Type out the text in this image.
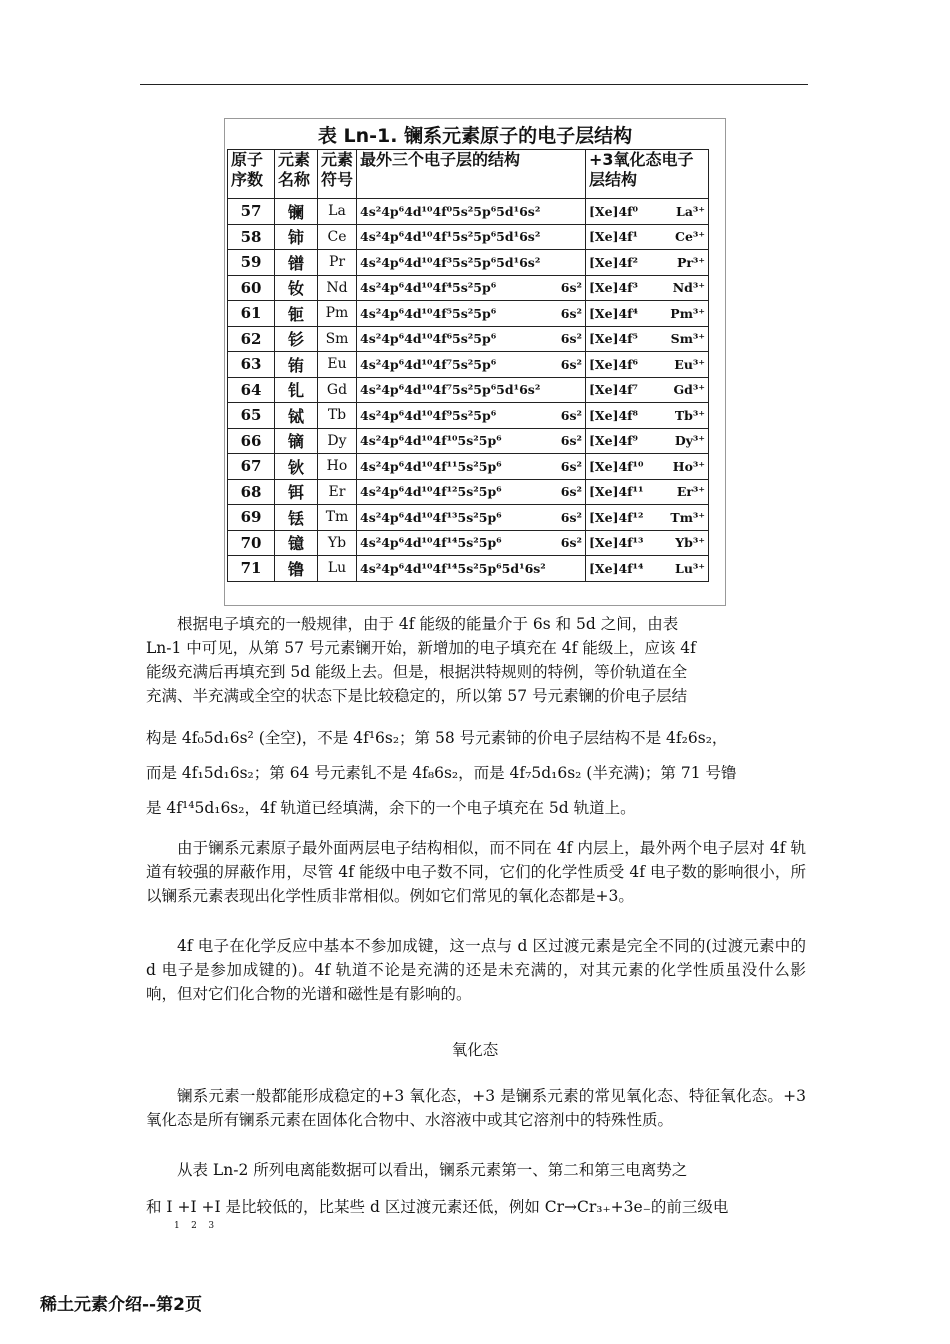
表 Ln-1. 镧系元素原子的电子层结构
原子序数	元素名称	元素符号	最外三个电子层的结构	+3氧化态电子层结构
57	镧	La	4s²4p⁶4d¹⁰4f⁰5s²5p⁶5d¹6s²	[Xe]4f⁰ La³⁺

58	铈	Ce	4s²4p⁶4d¹⁰4f¹5s²5p⁶5d¹6s²	[Xe]4f¹ Ce³⁺

59	镨	Pr	4s²4p⁶4d¹⁰4f³5s²5p⁶5d¹6s²	[Xe]4f² Pr³⁺

60	钕	Nd	4s²4p⁶4d¹⁰4f⁴5s²5p⁶ 6s²	[Xe]4f³ Nd³⁺

61	钷	Pm	4s²4p⁶4d¹⁰4f⁵5s²5p⁶ 6s²	[Xe]4f⁴ Pm³⁺

62	钐	Sm	4s²4p⁶4d¹⁰4f⁶5s²5p⁶ 6s²	[Xe]4f⁵ Sm³⁺

63	铕	Eu	4s²4p⁶4d¹⁰4f⁷5s²5p⁶ 6s²	[Xe]4f⁶ Eu³⁺

64	钆	Gd	4s²4p⁶4d¹⁰4f⁷5s²5p⁶5d¹6s²	[Xe]4f⁷ Gd³⁺

65	铽	Tb	4s²4p⁶4d¹⁰4f⁹5s²5p⁶ 6s²	[Xe]4f⁸ Tb³⁺

66	镝	Dy	4s²4p⁶4d¹⁰4f¹⁰5s²5p⁶ 6s²	[Xe]4f⁹ Dy³⁺

67	钬	Ho	4s²4p⁶4d¹⁰4f¹¹5s²5p⁶ 6s²	[Xe]4f¹⁰ Ho³⁺

68	铒	Er	4s²4p⁶4d¹⁰4f¹²5s²5p⁶ 6s²	[Xe]4f¹¹ Er³⁺

69	铥	Tm	4s²4p⁶4d¹⁰4f¹³5s²5p⁶ 6s²	[Xe]4f¹² Tm³⁺

70	镱	Yb	4s²4p⁶4d¹⁰4f¹⁴5s²5p⁶ 6s²	[Xe]4f¹³ Yb³⁺

71	镥	Lu	4s²4p⁶4d¹⁰4f¹⁴5s²5p⁶5d¹6s²	[Xe]4f¹⁴ Lu³⁺

根据电子填充的一般规律，由于 4f 能级的能量介于 6s 和 5d 之间，由表

Ln-1 中可见，从第 57 号元素镧开始，新增加的电子填充在 4f 能级上，应该 4f

能级充满后再填充到 5d 能级上去。但是，根据洪特规则的特例，等价轨道在全

充满、半充满或全空的状态下是比较稳定的，所以第 57 号元素镧的价电子层结

构是 4f₀5d₁6s² (全空)，不是 4f¹6s₂；第 58 号元素铈的价电子层结构不是 4f₂6s₂，

而是 4f₁5d₁6s₂；第 64 号元素钆不是 4f₈6s₂，而是 4f₇5d₁6s₂ (半充满)；第 71 号镥

是 4f¹⁴5d₁6s₂，4f 轨道已经填满，余下的一个电子填充在 5d 轨道上。

由于镧系元素原子最外面两层电子结构相似，而不同在 4f 内层上，最外两个电子层对 4f 轨道有较强的屏蔽作用，尽管 4f 能级中电子数不同，它们的化学性质受 4f 电子数的影响很小，所以镧系元素表现出化学性质非常相似。例如它们常见的氧化态都是+3。

4f 电子在化学反应中基本不参加成键，这一点与 d 区过渡元素是完全不同的(过渡元素中的 d 电子是参加成键的)。4f 轨道不论是充满的还是未充满的，对其元素的化学性质虽没什么影响，但对它们化合物的光谱和磁性是有影响的。

氧化态

镧系元素一般都能形成稳定的+3 氧化态，+3 是镧系元素的常见氧化态、特征氧化态。+3 氧化态是所有镧系元素在固体化合物中、水溶液中或其它溶剂中的特殊性质。

从表 Ln-2 所列电离能数据可以看出，镧系元素第一、第二和第三电离势之

和 I +I +I 是比较低的，比某些 d 区过渡元素还低，例如 Cr→Cr₃₊+3e₋的前三级电

1    2    3
稀土元素介绍--第2页
